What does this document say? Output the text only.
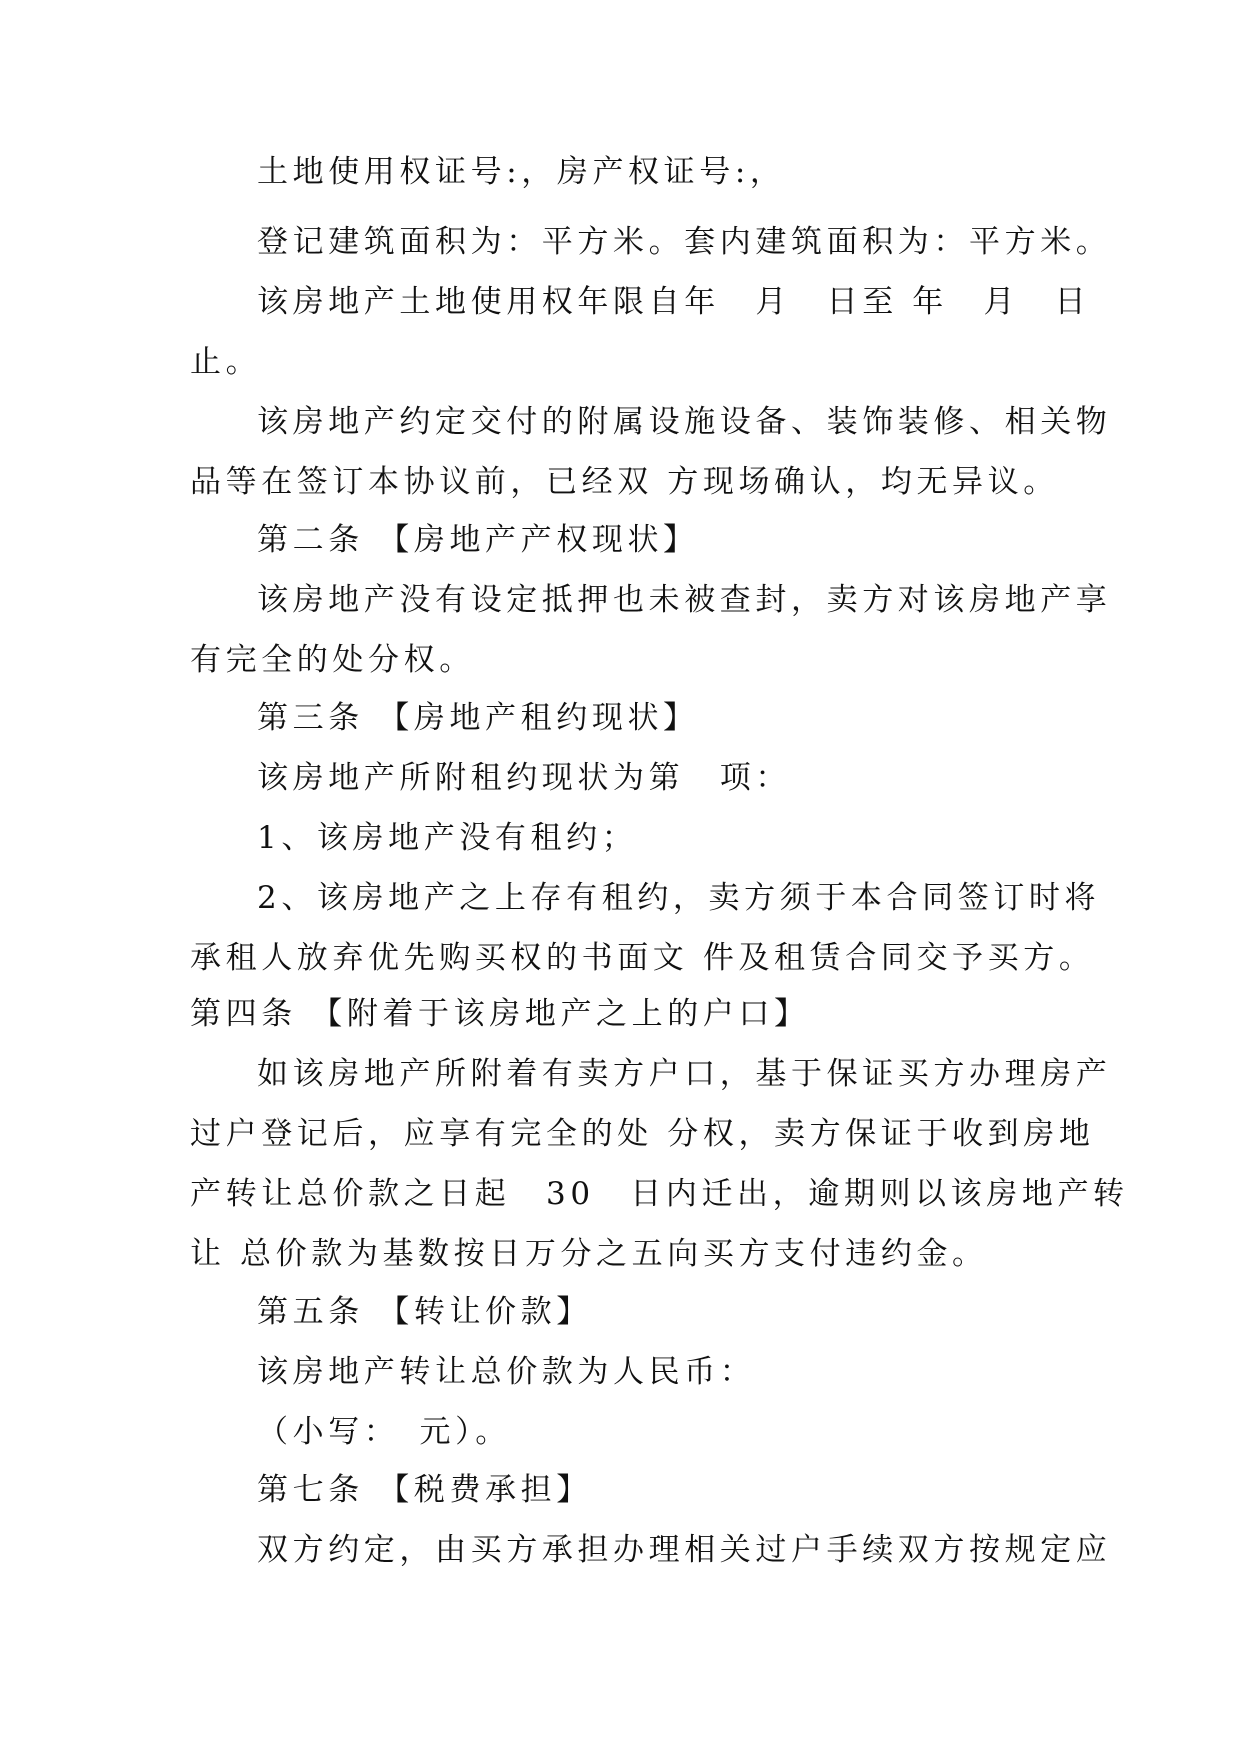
土地使用权证号:，房产权证号:，
登记建筑面积为：平方米。套内建筑面积为：平方米。
该房地产土地使用权年限自年　月　日至 年　月　日
止。
该房地产约定交付的附属设施设备、装饰装修、相关物
品等在签订本协议前，已经双 方现场确认，均无异议。
第二条 【房地产产权现状】
该房地产没有设定抵押也未被查封，卖方对该房地产享
有完全的处分权。
第三条 【房地产租约现状】
该房地产所附租约现状为第　项：
1、该房地产没有租约；
2、该房地产之上存有租约，卖方须于本合同签订时将
承租人放弃优先购买权的书面文 件及租赁合同交予买方。
第四条 【附着于该房地产之上的户口】
如该房地产所附着有卖方户口，基于保证买方办理房产
过户登记后，应享有完全的处 分权，卖方保证于收到房地
产转让总价款之日起　30　日内迁出，逾期则以该房地产转
让 总价款为基数按日万分之五向买方支付违约金。
第五条 【转让价款】
该房地产转让总价款为人民币：
（小写：　元）。
第七条 【税费承担】
双方约定，由买方承担办理相关过户手续双方按规定应
